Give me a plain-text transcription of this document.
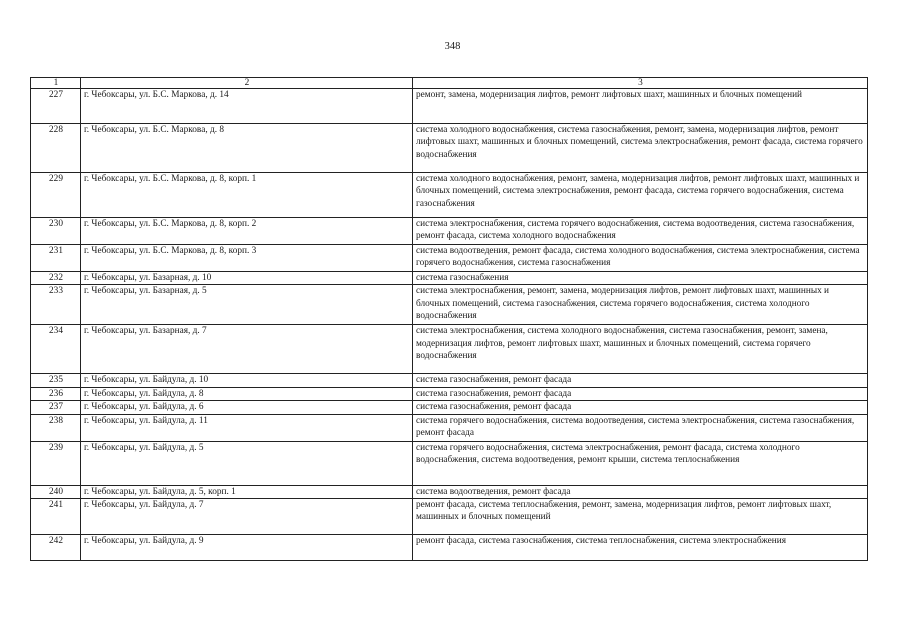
348
1	2	3
227	г. Чебоксары, ул. Б.С. Маркова, д. 14	ремонт, замена, модернизация лифтов, ремонт лифтовых шахт, машинных и блочных помещений
228	г. Чебоксары, ул. Б.С. Маркова, д. 8	система холодного водоснабжения, система газоснабжения, ремонт, замена, модернизация лифтов, ремонт лифтовых шахт, машинных и блочных помещений, система электроснабжения, ремонт фасада, система горячего водоснабжения
229	г. Чебоксары, ул. Б.С. Маркова, д. 8, корп. 1	система холодного водоснабжения, ремонт, замена, модернизация лифтов, ремонт лифтовых шахт, машинных и блочных помещений, система электроснабжения, ремонт фасада, система горячего водоснабжения, система газоснабжения
230	г. Чебоксары, ул. Б.С. Маркова, д. 8, корп. 2	система электроснабжения, система горячего водоснабжения, система водоотведения, система газоснабжения, ремонт фасада, система холодного водоснабжения
231	г. Чебоксары, ул. Б.С. Маркова, д. 8, корп. 3	система водоотведения, ремонт фасада, система холодного водоснабжения, система электроснабжения, система горячего водоснабжения, система газоснабжения
232	г. Чебоксары, ул. Базарная, д. 10	система газоснабжения
233	г. Чебоксары, ул. Базарная, д. 5	система электроснабжения, ремонт, замена, модернизация лифтов, ремонт лифтовых шахт, машинных и блочных помещений, система газоснабжения, система горячего водоснабжения, система холодного водоснабжения
234	г. Чебоксары, ул. Базарная, д. 7	система электроснабжения, система холодного водоснабжения, система газоснабжения, ремонт, замена, модернизация лифтов, ремонт лифтовых шахт, машинных и блочных помещений, система горячего водоснабжения
235	г. Чебоксары, ул. Байдула, д. 10	система газоснабжения, ремонт фасада
236	г. Чебоксары, ул. Байдула, д. 8	система газоснабжения, ремонт фасада
237	г. Чебоксары, ул. Байдула, д. 6	система газоснабжения, ремонт фасада
238	г. Чебоксары, ул. Байдула, д. 11	система горячего водоснабжения, система водоотведения, система электроснабжения, система газоснабжения, ремонт фасада
239	г. Чебоксары, ул. Байдула, д. 5	система горячего водоснабжения, система электроснабжения, ремонт фасада, система холодного водоснабжения, система водоотведения, ремонт крыши, система теплоснабжения
240	г. Чебоксары, ул. Байдула, д. 5, корп. 1	система водоотведения, ремонт фасада
241	г. Чебоксары, ул. Байдула, д. 7	ремонт фасада, система теплоснабжения, ремонт, замена, модернизация лифтов, ремонт лифтовых шахт, машинных и блочных помещений
242	г. Чебоксары, ул. Байдула, д. 9	ремонт фасада, система газоснабжения, система теплоснабжения, система электроснабжения
